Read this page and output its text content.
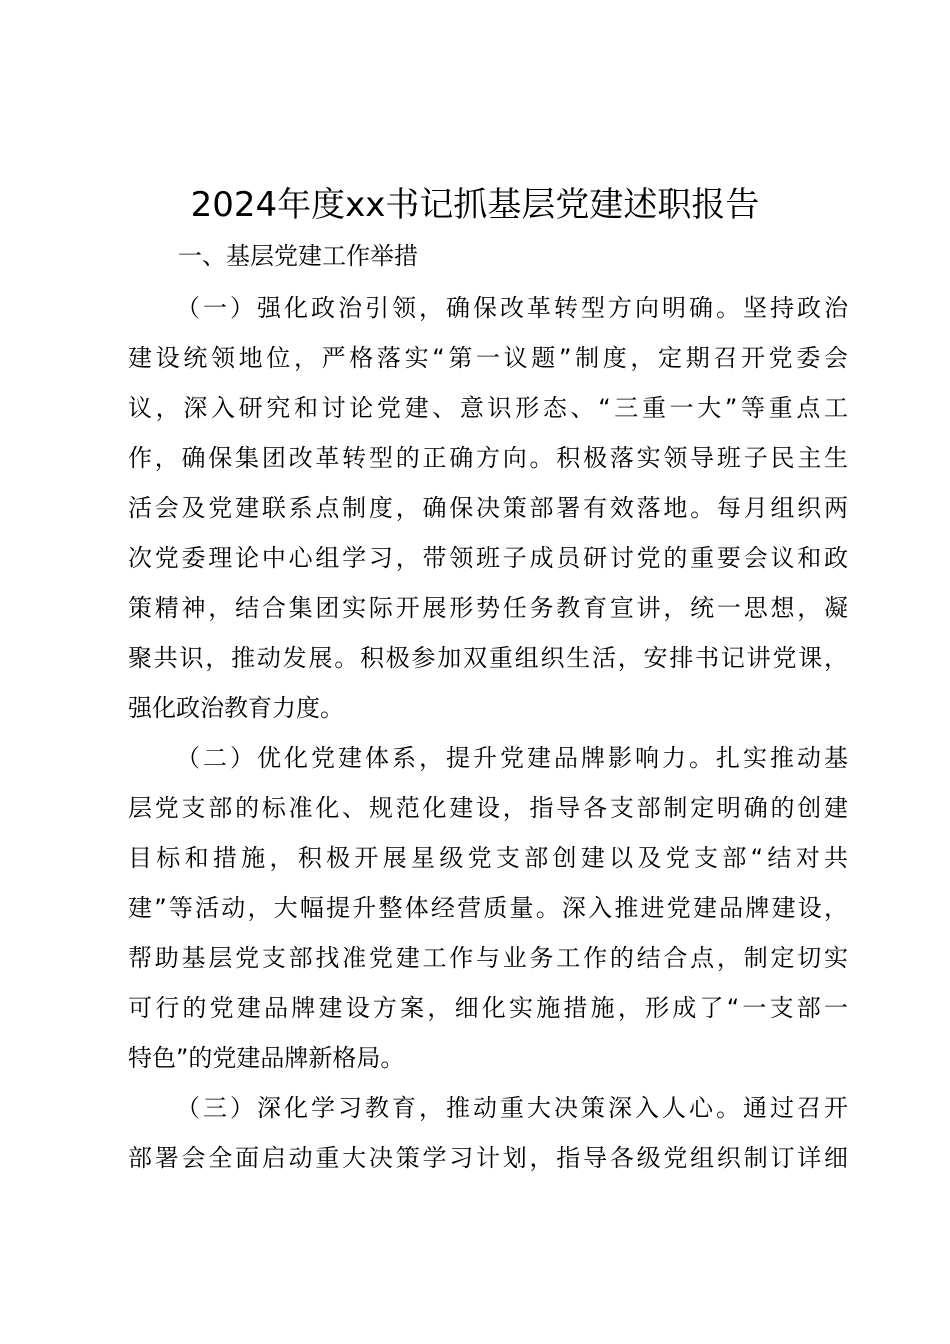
2024年度xx书记抓基层党建述职报告
一、基层党建工作举措
（一）强化政治引领，确保改革转型方向明确。坚持政治
建设统领地位，严格落实“第一议题”制度，定期召开党委会
议，深入研究和讨论党建、意识形态、“三重一大”等重点工
作，确保集团改革转型的正确方向。积极落实领导班子民主生
活会及党建联系点制度，确保决策部署有效落地。每月组织两
次党委理论中心组学习，带领班子成员研讨党的重要会议和政
策精神，结合集团实际开展形势任务教育宣讲，统一思想，凝
聚共识，推动发展。积极参加双重组织生活，安排书记讲党课，
强化政治教育力度。
（二）优化党建体系，提升党建品牌影响力。扎实推动基
层党支部的标准化、规范化建设，指导各支部制定明确的创建
目标和措施，积极开展星级党支部创建以及党支部“结对共
建”等活动，大幅提升整体经营质量。深入推进党建品牌建设，
帮助基层党支部找准党建工作与业务工作的结合点，制定切实
可行的党建品牌建设方案，细化实施措施，形成了“一支部一
特色”的党建品牌新格局。
（三）深化学习教育，推动重大决策深入人心。通过召开
部署会全面启动重大决策学习计划，指导各级党组织制订详细
